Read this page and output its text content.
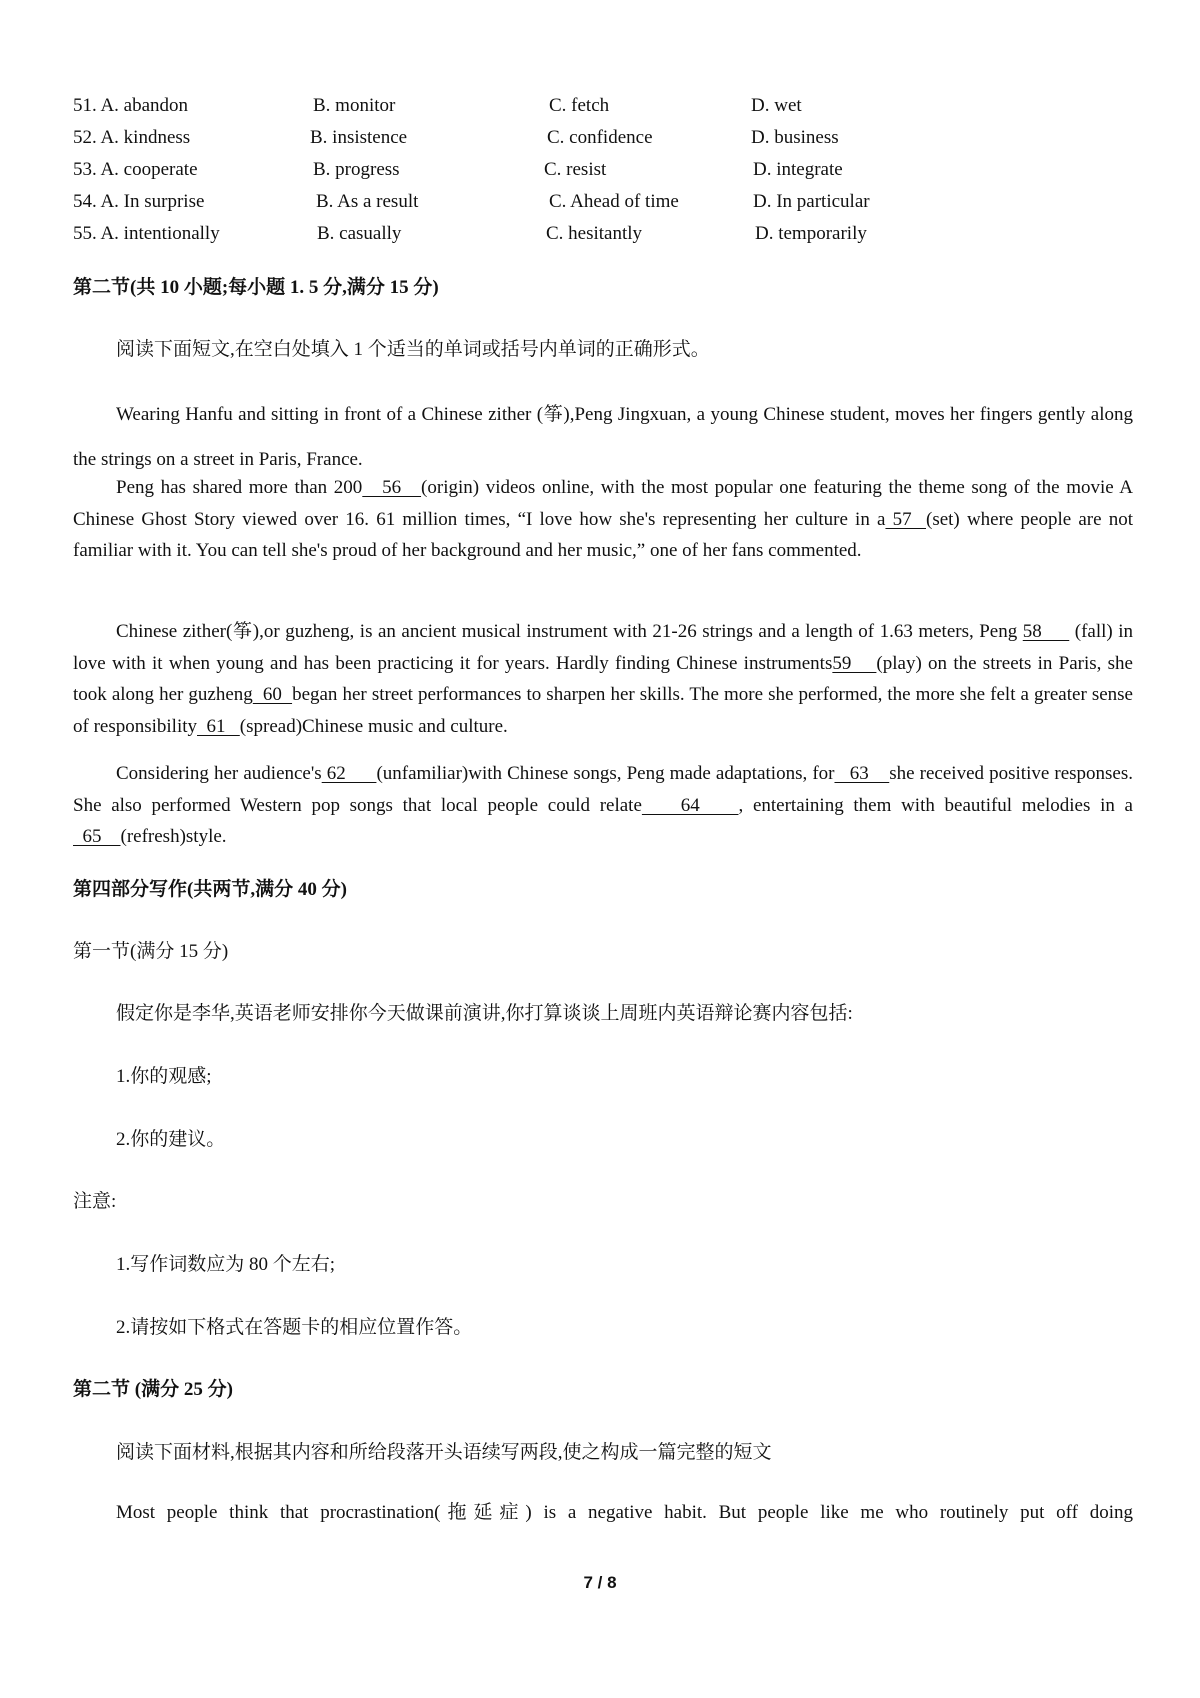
51. A. abandon	B. monitor	C. fetch	D. wet
52. A. kindness	B. insistence	C. confidence	D. business
53. A. cooperate	B. progress	C. resist	D. integrate
54. A. In surprise	B. As a result	C. Ahead of time	D. In particular
55. A. intentionally	B. casually	C. hesitantly	D. temporarily
第二节(共 10 小题;每小题 1. 5 分,满分 15 分)
阅读下面短文,在空白处填入 1 个适当的单词或括号内单词的正确形式。

Wearing Hanfu and sitting in front of a Chinese zither (筝),Peng Jingxuan, a young Chinese student, moves her fingers gently along the strings on a street in Paris, France.

Peng has shared more than 200   56   (origin) videos online, with the most popular one featuring the theme song of the movie A Chinese Ghost Story viewed over 16. 61 million times, “I love how she's representing her culture in a 57  (set) where people are not familiar with it. You can tell she's proud of her background and her music,” one of her fans commented.

Chinese zither(筝),or guzheng, is an ancient musical instrument with 21-26 strings and a length of 1.63 meters, Peng 58      (fall) in love with it when young and has been practicing it for years. Hardly finding Chinese instruments59    (play) on the streets in Paris, she took along her guzheng  60  began her street performances to sharpen her skills. The more she performed, the more she felt a greater sense of responsibility  61   (spread)Chinese music and culture.

Considering her audience's 62      (unfamiliar)with Chinese songs, Peng made adaptations, for   63    she received positive responses. She also performed Western pop songs that local people could relate    64    , entertaining them with beautiful melodies in a  65    (refresh)style.

第四部分写作(共两节,满分 40 分)
第一节(满分 15 分)
假定你是李华,英语老师安排你今天做课前演讲,你打算谈谈上周班内英语辩论赛内容包括:
1.你的观感;
2.你的建议。
注意:
1.写作词数应为 80 个左右;
2.请按如下格式在答题卡的相应位置作答。
第二节 (满分 25 分)
阅读下面材料,根据其内容和所给段落开头语续写两段,使之构成一篇完整的短文

Most people think that procrastination(拖延症) is a negative habit. But people like me who routinely put off doing

7 / 8
